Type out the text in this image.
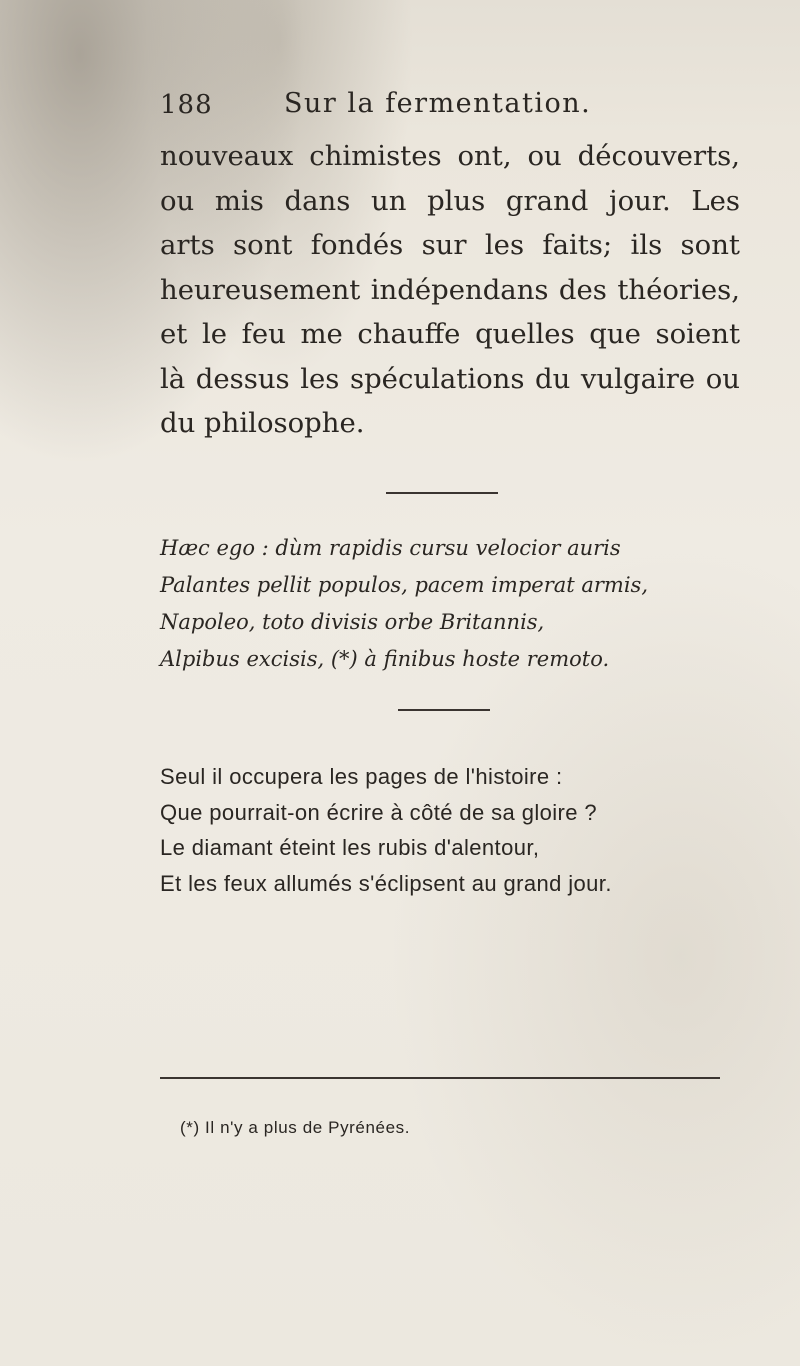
188	Sur la fermentation.
nouveaux chimistes ont, ou découverts,
ou mis dans un plus grand jour. Les
arts sont fondés sur les faits; ils sont
heureusement indépendans des théories,
et le feu me chauffe quelles que soient
là dessus les spéculations du vulgaire ou
du philosophe.
Hæc ego : dùm rapidis cursu velocior auris
Palantes pellit populos, pacem imperat armis,
Napoleo, toto divisis orbe Britannis,
Alpibus excisis, (*) à finibus hoste remoto.
Seul il occupera les pages de l'histoire :
Que pourrait-on écrire à côté de sa gloire ?
Le diamant éteint les rubis d'alentour,
Et les feux allumés s'éclipsent au grand jour.
(*) Il n'y a plus de Pyrénées.
